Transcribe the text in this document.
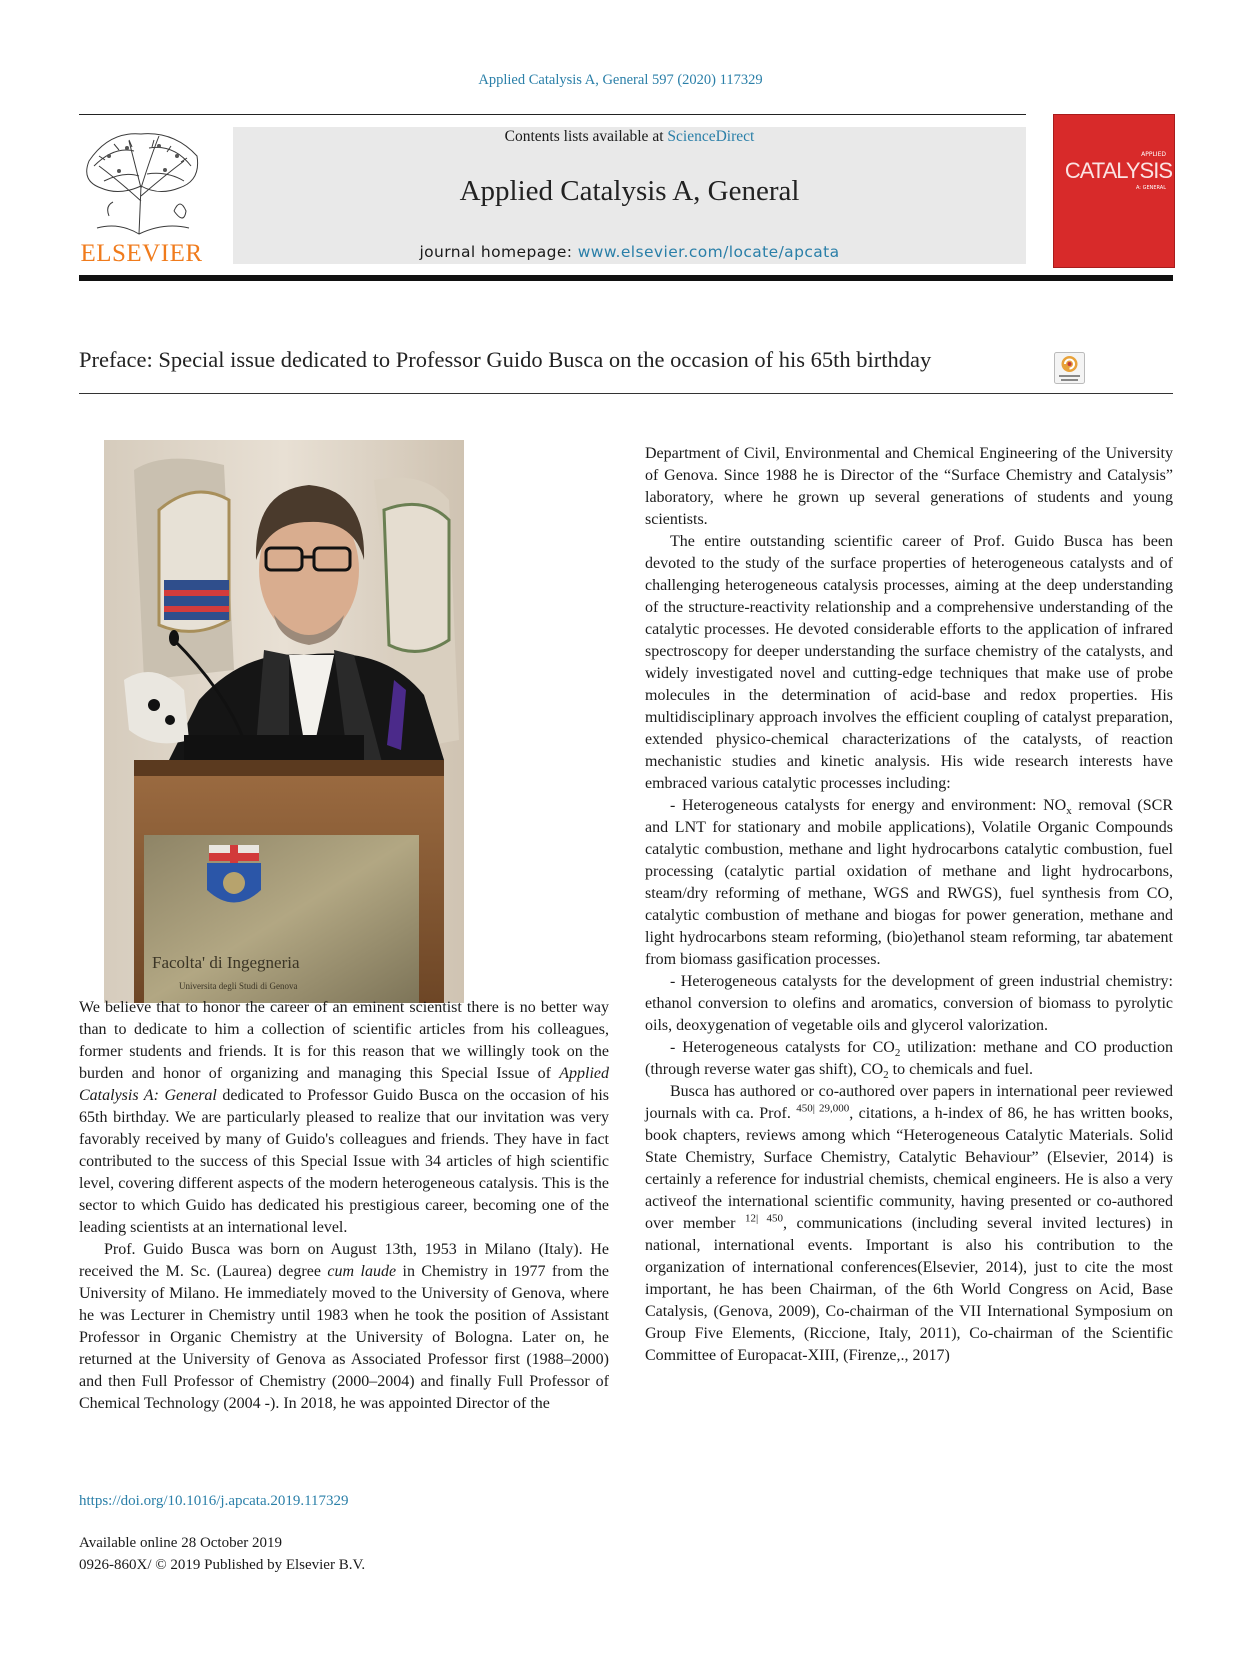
Applied Catalysis A, General 597 (2020) 117329
ELSEVIER
Contents lists available at ScienceDirect
Applied Catalysis A, General
journal homepage: www.elsevier.com/locate/apcata
APPLIED
CATALYSIS
A: GENERAL
Preface: Special issue dedicated to Professor Guido Busca on the occasion of his 65th birthday
Facolta' di Ingegneria
Universita degli Studi di Genova

We believe that to honor the career of an eminent scientist there is no better way than to dedicate to him a collection of scientific articles from his colleagues, former students and friends. It is for this reason that we willingly took on the burden and honor of organizing and managing this Special Issue of Applied Catalysis A: General dedicated to Professor Guido Busca on the occasion of his 65th birthday. We are particularly pleased to realize that our invitation was very favorably received by many of Guido's colleagues and friends. They have in fact contributed to the success of this Special Issue with 34 articles of high scientific level, covering different aspects of the modern heterogeneous catalysis. This is the sector to which Guido has dedicated his prestigious career, becoming one of the leading scientists at an international level.

Prof. Guido Busca was born on August 13th, 1953 in Milano (Italy). He received the M. Sc. (Laurea) degree cum laude in Chemistry in 1977 from the University of Milano. He immediately moved to the University of Genova, where he was Lecturer in Chemistry until 1983 when he took the position of Assistant Professor in Organic Chemistry at the University of Bologna. Later on, he returned at the University of Genova as Associated Professor first (1988–2000) and then Full Professor of Chemistry (2000–2004) and finally Full Professor of Chemical Technology (2004 -). In 2018, he was appointed Director of the

Department of Civil, Environmental and Chemical Engineering of the University of Genova. Since 1988 he is Director of the “Surface Chemistry and Catalysis” laboratory, where he grown up several generations of students and young scientists.

The entire outstanding scientific career of Prof. Guido Busca has been devoted to the study of the surface properties of heterogeneous catalysts and of challenging heterogeneous catalysis processes, aiming at the deep understanding of the structure-reactivity relationship and a comprehensive understanding of the catalytic processes. He devoted considerable efforts to the application of infrared spectroscopy for deeper understanding the surface chemistry of the catalysts, and widely investigated novel and cutting-edge techniques that make use of probe molecules in the determination of acid-base and redox properties. His multidisciplinary approach involves the efficient coupling of catalyst preparation, extended physico-chemical characterizations of the catalysts, of reaction mechanistic studies and kinetic analysis. His wide research interests have embraced various catalytic processes including:

- Heterogeneous catalysts for energy and environment: $NO_x$ removal (SCR and LNT for stationary and mobile applications), Volatile Organic Compounds catalytic combustion, methane and light hydrocarbons catalytic combustion, fuel processing (catalytic partial oxidation of methane and light hydrocarbons, steam/dry reforming of methane, WGS and RWGS), fuel synthesis from CO, catalytic combustion of methane and biogas for power generation, methane and light hydrocarbons steam reforming, (bio)ethanol steam reforming, tar abatement from biomass gasification processes.

- Heterogeneous catalysts for the development of green industrial chemistry: ethanol conversion to olefins and aromatics, conversion of biomass to pyrolytic oils, deoxygenation of vegetable oils and glycerol valorization.

- Heterogeneous catalysts for $CO_2$ utilization: methane and CO production (through reverse water gas shift), $CO_2$ to chemicals and fuel.

Busca has authored or co-authored over papers in international peer reviewed journals with ca. Prof. $^{450| 29,000}$, citations, a h-index of 86, he has written books, book chapters, reviews among which “Heterogeneous Catalytic Materials. Solid State Chemistry, Surface Chemistry, Catalytic Behaviour” (Elsevier, 2014) is certainly a reference for industrial chemists, chemical engineers. He is also a very activeof the international scientific community, having presented or co-authored over member $^{12| 450}$, communications (including several invited lectures) in national, international events. Important is also his contribution to the organization of international conferences(Elsevier, 2014), just to cite the most important, he has been Chairman, of the 6th World Congress on Acid, Base Catalysis, (Genova, 2009), Co-chairman of the VII International Symposium on Group Five Elements, (Riccione, Italy, 2011), Co-chairman of the Scientific Committee of Europacat-XIII, (Firenze,., 2017)

https://doi.org/10.1016/j.apcata.2019.117329
Available online 28 October 2019
0926-860X/ © 2019 Published by Elsevier B.V.
